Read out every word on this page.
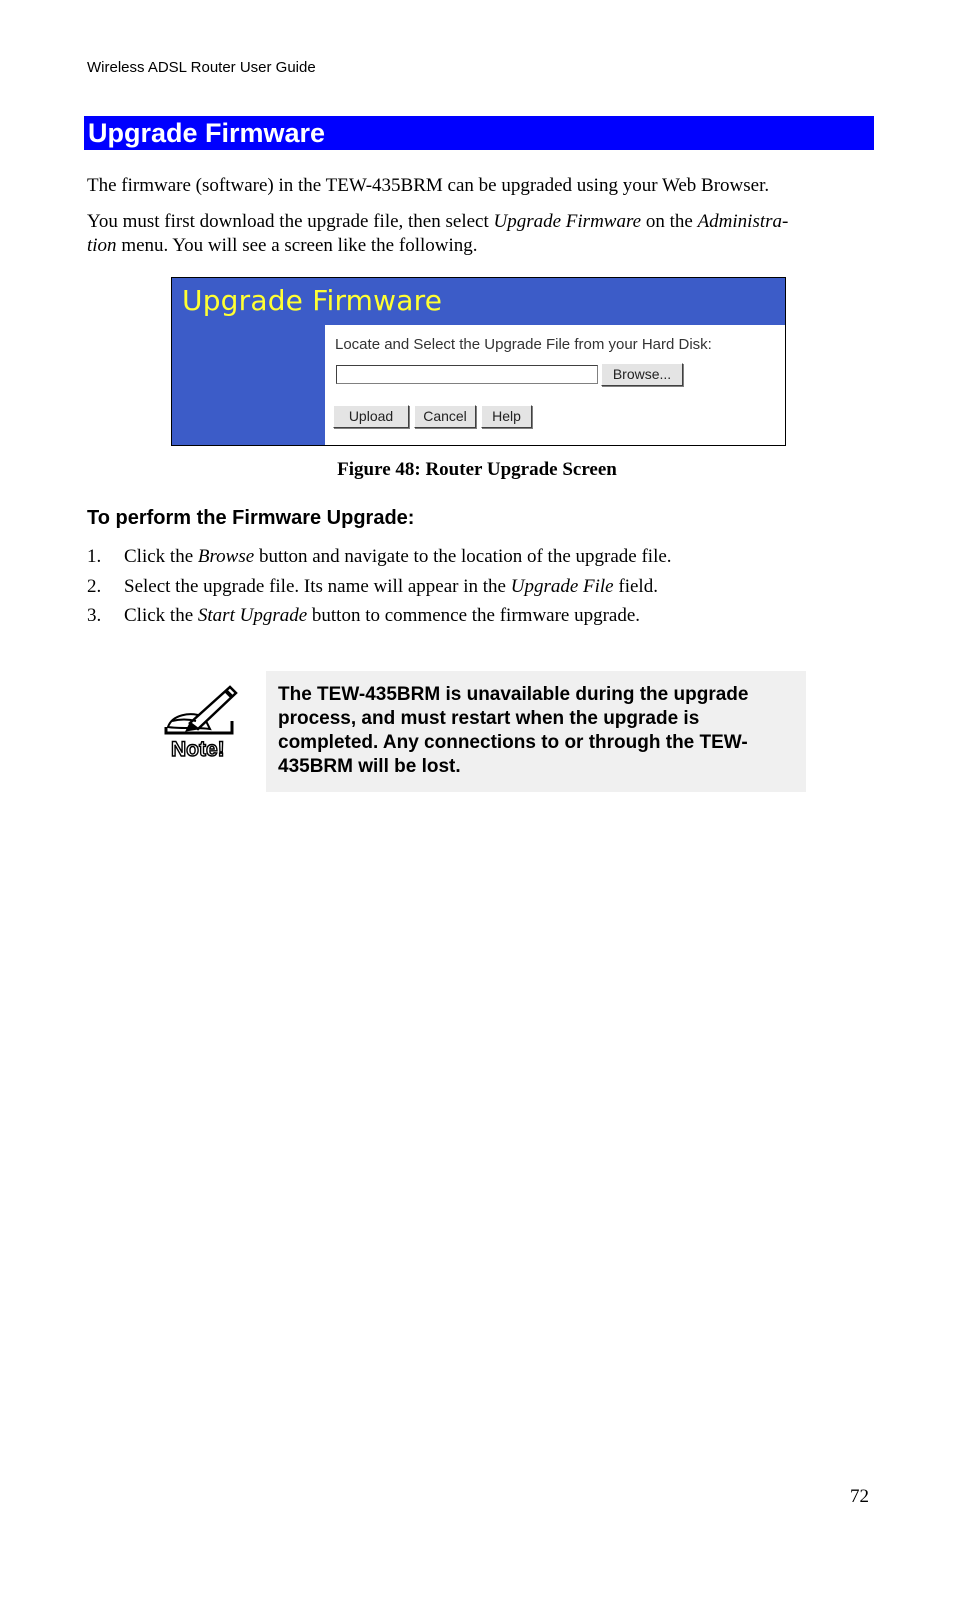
Wireless ADSL Router User Guide
Upgrade Firmware
The firmware (software) in the TEW-435BRM can be upgraded using your Web Browser.
You must first download the upgrade file, then select Upgrade Firmware on the Administra-
tion menu. You will see a screen like the following.
Upgrade Firmware
Locate and Select the Upgrade File from your Hard Disk:
Browse...
Upload	Cancel	Help
Figure 48: Router Upgrade Screen
To perform the Firmware Upgrade:
1. Click the Browse button and navigate to the location of the upgrade file.
2. Select the upgrade file. Its name will appear in the Upgrade File field.
3. Click the Start Upgrade button to commence the firmware upgrade.
Note!

The TEW-435BRM is unavailable during the upgrade process, and must restart when the upgrade is completed. Any connections to or through the TEW-435BRM will be lost.

72
